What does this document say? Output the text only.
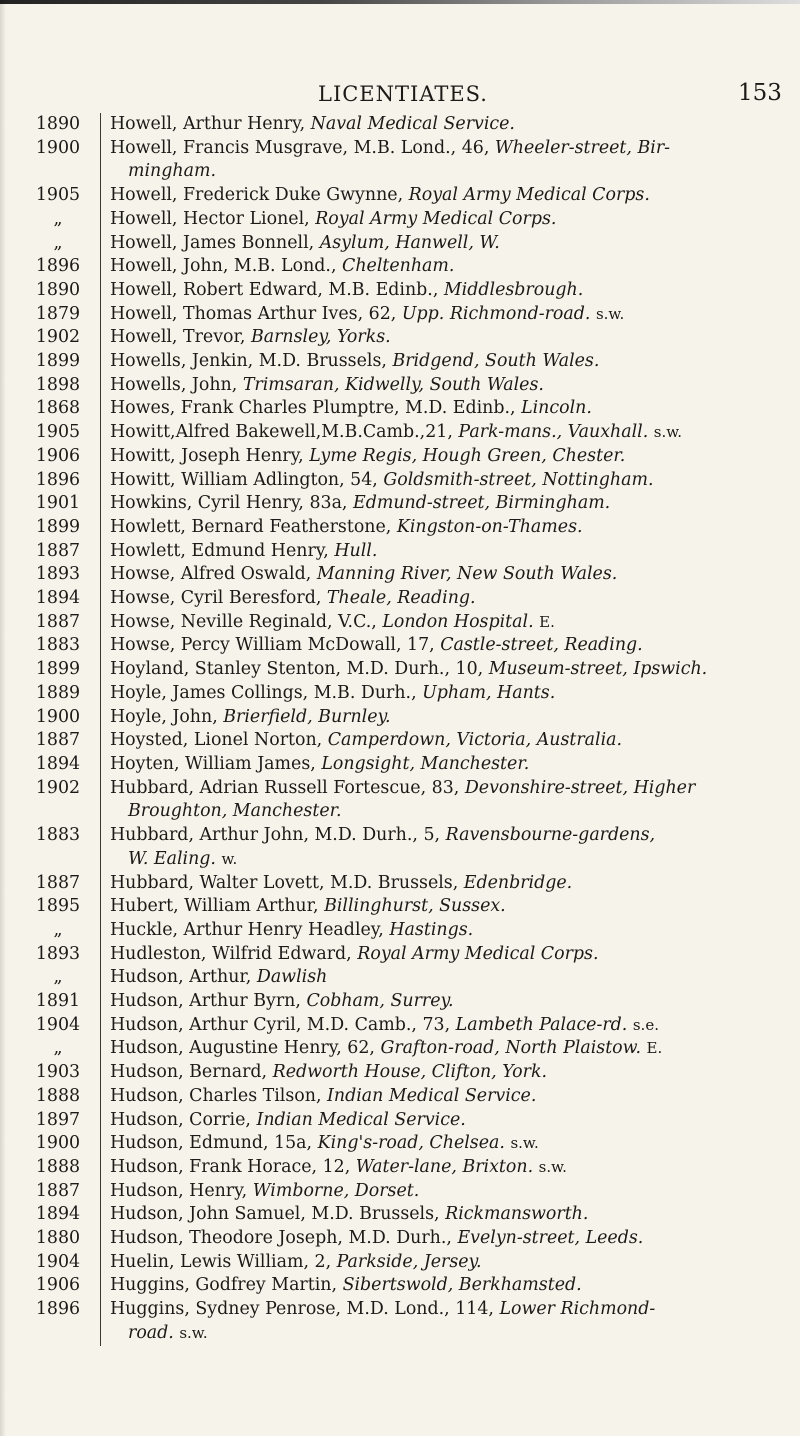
LICENTIATES.	153
1890	Howell, Arthur Henry, Naval Medical Service.
1900	Howell, Francis Musgrave, M.B. Lond., 46, Wheeler-street, Bir-
mingham.
1905	Howell, Frederick Duke Gwynne, Royal Army Medical Corps.
„	Howell, Hector Lionel, Royal Army Medical Corps.
„	Howell, James Bonnell, Asylum, Hanwell, W.
1896	Howell, John, M.B. Lond., Cheltenham.
1890	Howell, Robert Edward, M.B. Edinb., Middlesbrough.
1879	Howell, Thomas Arthur Ives, 62, Upp. Richmond-road. s.w.
1902	Howell, Trevor, Barnsley, Yorks.
1899	Howells, Jenkin, M.D. Brussels, Bridgend, South Wales.
1898	Howells, John, Trimsaran, Kidwelly, South Wales.
1868	Howes, Frank Charles Plumptre, M.D. Edinb., Lincoln.
1905	Howitt,Alfred Bakewell,M.B.Camb.,21, Park-mans., Vauxhall. s.w.
1906	Howitt, Joseph Henry, Lyme Regis, Hough Green, Chester.
1896	Howitt, William Adlington, 54, Goldsmith-street, Nottingham.
1901	Howkins, Cyril Henry, 83a, Edmund-street, Birmingham.
1899	Howlett, Bernard Featherstone, Kingston-on-Thames.
1887	Howlett, Edmund Henry, Hull.
1893	Howse, Alfred Oswald, Manning River, New South Wales.
1894	Howse, Cyril Beresford, Theale, Reading.
1887	Howse, Neville Reginald, V.C., London Hospital. E.
1883	Howse, Percy William McDowall, 17, Castle-street, Reading.
1899	Hoyland, Stanley Stenton, M.D. Durh., 10, Museum-street, Ipswich.
1889	Hoyle, James Collings, M.B. Durh., Upham, Hants.
1900	Hoyle, John, Brierfield, Burnley.
1887	Hoysted, Lionel Norton, Camperdown, Victoria, Australia.
1894	Hoyten, William James, Longsight, Manchester.
1902	Hubbard, Adrian Russell Fortescue, 83, Devonshire-street, Higher
Broughton, Manchester.
1883	Hubbard, Arthur John, M.D. Durh., 5, Ravensbourne-gardens,
W. Ealing. w.
1887	Hubbard, Walter Lovett, M.D. Brussels, Edenbridge.
1895	Hubert, William Arthur, Billinghurst, Sussex.
„	Huckle, Arthur Henry Headley, Hastings.
1893	Hudleston, Wilfrid Edward, Royal Army Medical Corps.
„	Hudson, Arthur, Dawlish
1891	Hudson, Arthur Byrn, Cobham, Surrey.
1904	Hudson, Arthur Cyril, M.D. Camb., 73, Lambeth Palace-rd. s.e.
„	Hudson, Augustine Henry, 62, Grafton-road, North Plaistow. E.
1903	Hudson, Bernard, Redworth House, Clifton, York.
1888	Hudson, Charles Tilson, Indian Medical Service.
1897	Hudson, Corrie, Indian Medical Service.
1900	Hudson, Edmund, 15a, King's-road, Chelsea. s.w.
1888	Hudson, Frank Horace, 12, Water-lane, Brixton. s.w.
1887	Hudson, Henry, Wimborne, Dorset.
1894	Hudson, John Samuel, M.D. Brussels, Rickmansworth.
1880	Hudson, Theodore Joseph, M.D. Durh., Evelyn-street, Leeds.
1904	Huelin, Lewis William, 2, Parkside, Jersey.
1906	Huggins, Godfrey Martin, Sibertswold, Berkhamsted.
1896	Huggins, Sydney Penrose, M.D. Lond., 114, Lower Richmond-
road. s.w.
